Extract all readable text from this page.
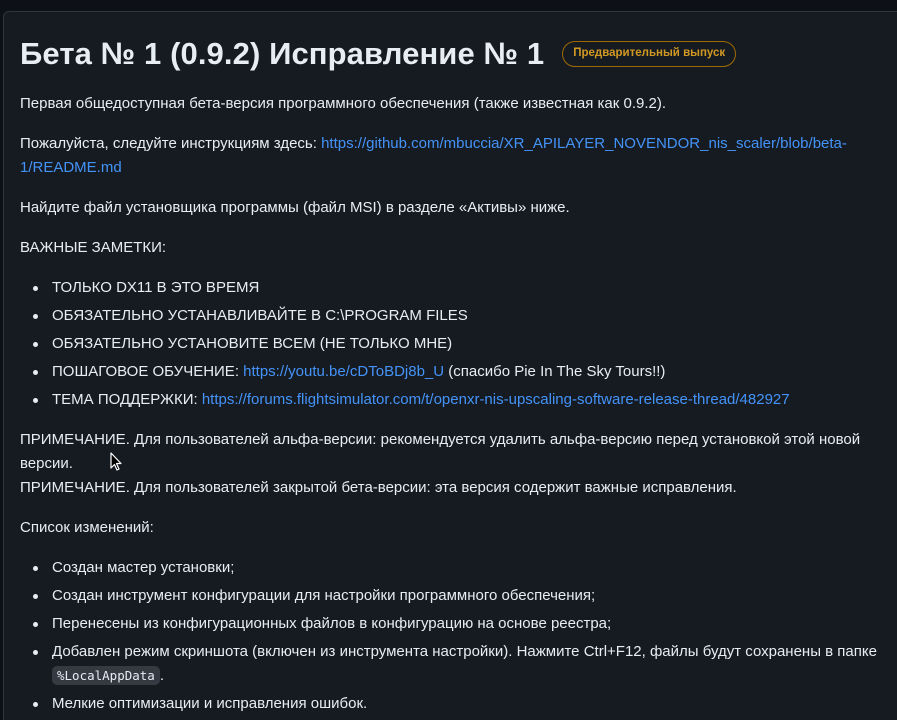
Бета № 1 (0.9.2) Исправление № 1	Предварительный выпуск

Первая общедоступная бета-версия программного обеспечения (также известная как 0.9.2).

Пожалуйста, следуйте инструкциям здесь: https://github.com/mbuccia/XR_APILAYER_NOVENDOR_nis_scaler/blob/beta-1/README.md

Найдите файл установщика программы (файл MSI) в разделе «Активы» ниже.

ВАЖНЫЕ ЗАМЕТКИ:

ТОЛЬКО DX11 В ЭТО ВРЕМЯ
ОБЯЗАТЕЛЬНО УСТАНАВЛИВАЙТЕ В C:\PROGRAM FILES
ОБЯЗАТЕЛЬНО УСТАНОВИТЕ ВСЕМ (НЕ ТОЛЬКО МНЕ)
ПОШАГОВОЕ ОБУЧЕНИЕ: https://youtu.be/cDToBDj8b_U (спасибо Pie In The Sky Tours!!)
ТЕМА ПОДДЕРЖКИ: https://forums.flightsimulator.com/t/openxr-nis-upscaling-software-release-thread/482927

ПРИМЕЧАНИЕ. Для пользователей альфа-версии: рекомендуется удалить альфа-версию перед установкой этой новой версии.

ПРИМЕЧАНИЕ. Для пользователей закрытой бета-версии: эта версия содержит важные исправления.

Список изменений:

Создан мастер установки;
Создан инструмент конфигурации для настройки программного обеспечения;
Перенесены из конфигурационных файлов в конфигурацию на основе реестра;
Добавлен режим скриншота (включен из инструмента настройки). Нажмите Ctrl+F12, файлы будут сохранены в папке %LocalAppData .
Мелкие оптимизации и исправления ошибок.
